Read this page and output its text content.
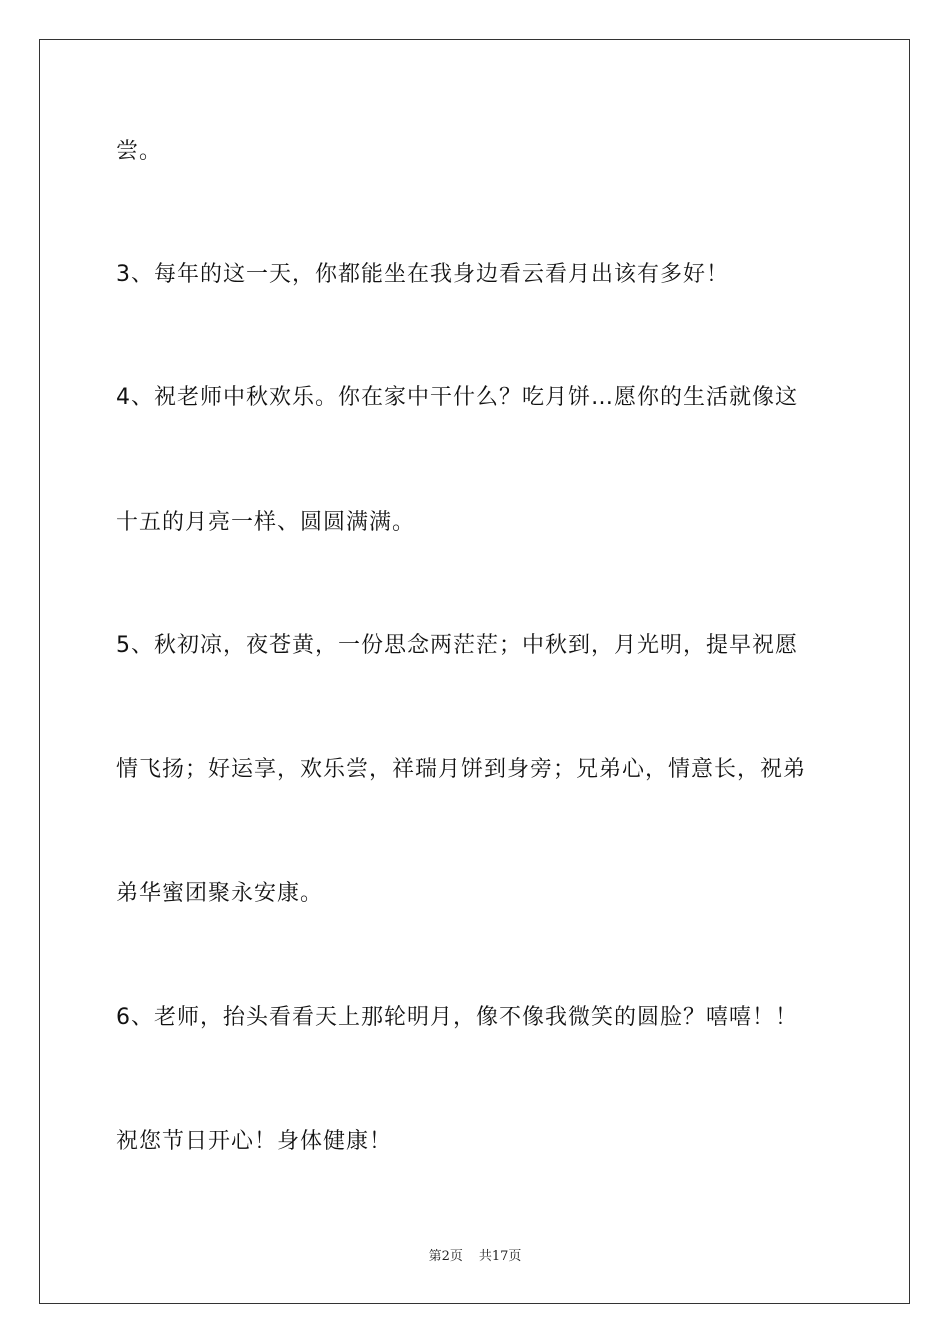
尝。
3、每年的这一天，你都能坐在我身边看云看月出该有多好！
4、祝老师中秋欢乐。你在家中干什么？吃月饼…愿你的生活就像这
十五的月亮一样、圆圆满满。
5、秋初凉，夜苍黄，一份思念两茫茫；中秋到，月光明，提早祝愿
情飞扬；好运享，欢乐尝，祥瑞月饼到身旁；兄弟心，情意长，祝弟
弟华蜜团聚永安康。
6、老师，抬头看看天上那轮明月，像不像我微笑的圆脸？嘻嘻！！
祝您节日开心！身体健康！
第2页 共17页
